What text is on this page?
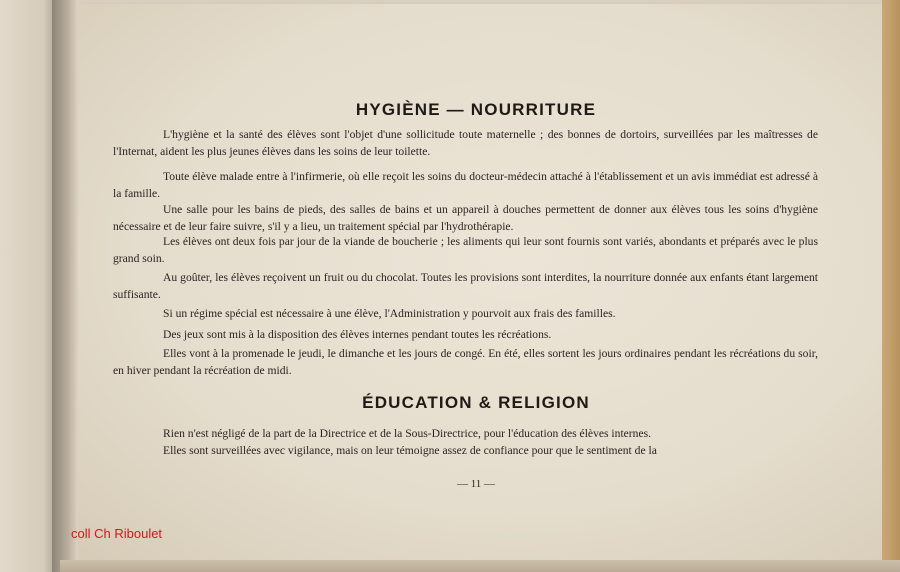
HYGIÈNE — NOURRITURE
L'hygiène et la santé des élèves sont l'objet d'une sollicitude toute maternelle ; des bonnes de dortoirs, surveillées par les maîtresses de l'Internat, aident les plus jeunes élèves dans les soins de leur toilette.
Toute élève malade entre à l'infirmerie, où elle reçoit les soins du docteur-médecin attaché à l'établissement et un avis immédiat est adressé à la famille.
Une salle pour les bains de pieds, des salles de bains et un appareil à douches permettent de donner aux élèves tous les soins d'hygiène nécessaire et de leur faire suivre, s'il y a lieu, un traitement spécial par l'hydrothérapie.
Les élèves ont deux fois par jour de la viande de boucherie ; les aliments qui leur sont fournis sont variés, abondants et préparés avec le plus grand soin.
Au goûter, les élèves reçoivent un fruit ou du chocolat. Toutes les provisions sont interdites, la nourriture donnée aux enfants étant largement suffisante.
Si un régime spécial est nécessaire à une élève, l'Administration y pourvoit aux frais des familles.
Des jeux sont mis à la disposition des élèves internes pendant toutes les récréations.
Elles vont à la promenade le jeudi, le dimanche et les jours de congé. En été, elles sortent les jours ordinaires pendant les récréations du soir, en hiver pendant la récréation de midi.
ÉDUCATION & RELIGION
Rien n'est négligé de la part de la Directrice et de la Sous-Directrice, pour l'éducation des élèves internes.
Elles sont surveillées avec vigilance, mais on leur témoigne assez de confiance pour que le sentiment de la
— 11 —
coll Ch Riboulet
